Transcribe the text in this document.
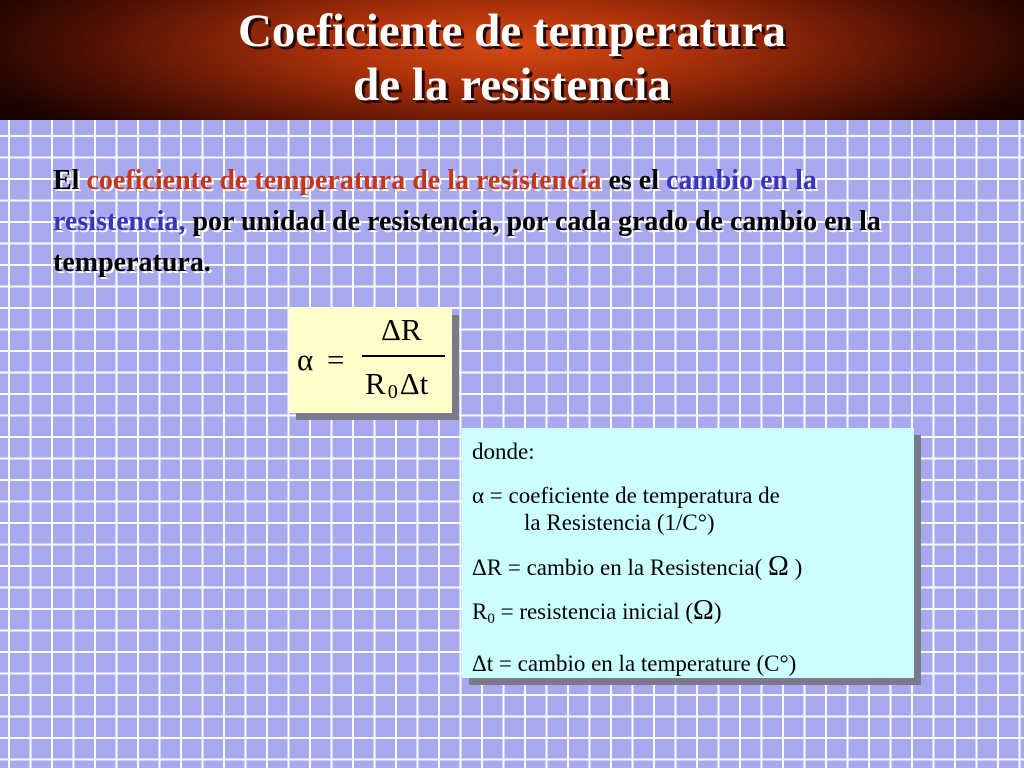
Coeficiente de temperatura
de la resistencia

El coeficiente de temperatura de la resistencia es el cambio en la resistencia, por unidad de resistencia, por cada grado de cambio en la temperatura.

α =
ΔR
R $_0$Δt

donde:

α = coeficiente de temperatura de
la Resistencia (1/C°)

ΔR = cambio en la Resistencia( Ω )

$R_0$ = resistencia inicial (Ω)

Δt = cambio en la temperature (C°)
